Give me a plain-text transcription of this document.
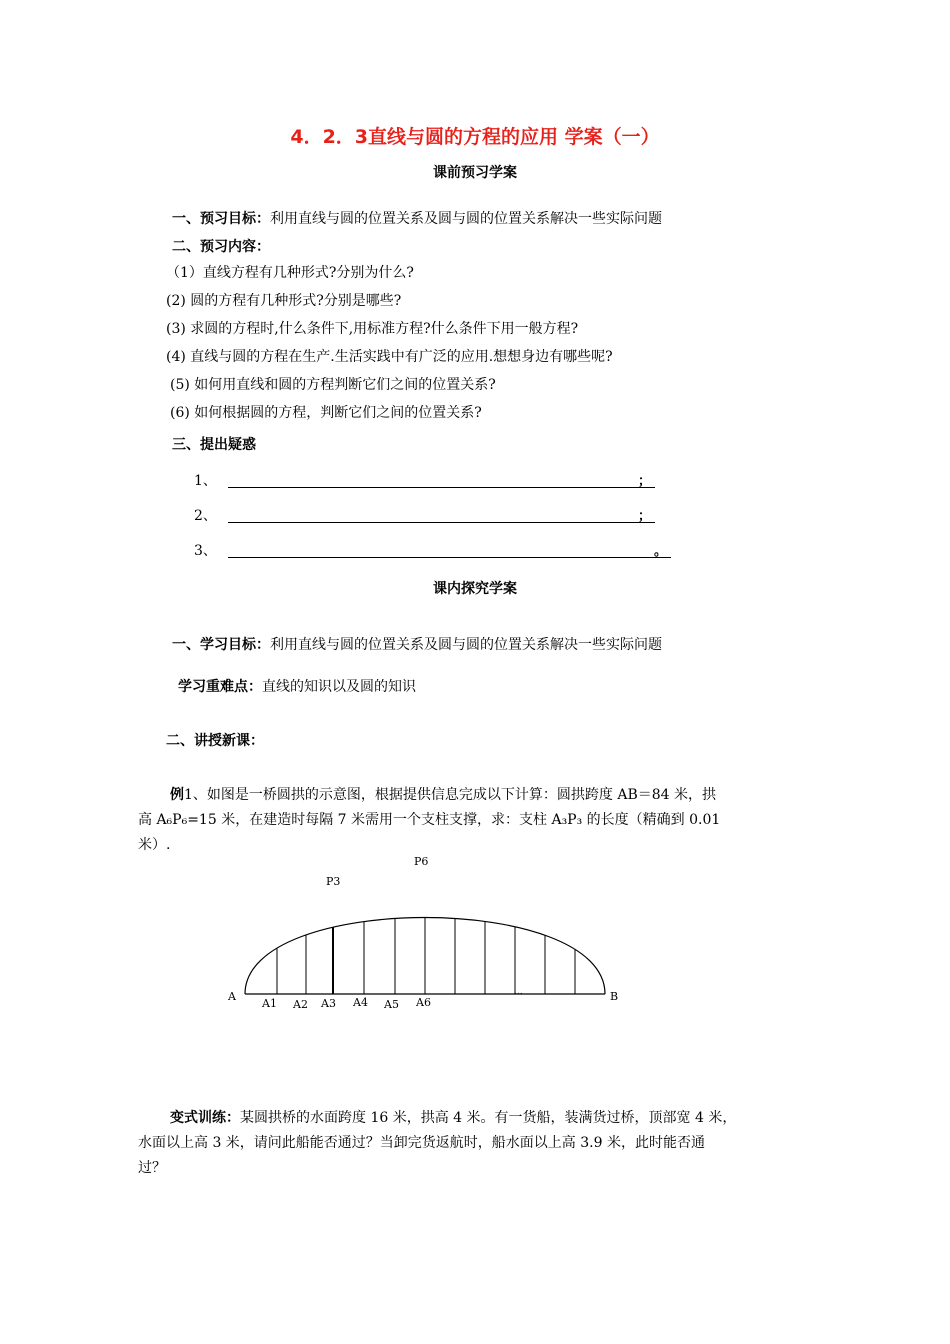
4．2．3直线与圆的方程的应用 学案（一）
课前预习学案
一、预习目标：利用直线与圆的位置关系及圆与圆的位置关系解决一些实际问题
二、预习内容：
（1）直线方程有几种形式?分别为什么?
(2) 圆的方程有几种形式?分别是哪些?
(3) 求圆的方程时,什么条件下,用标准方程?什么条件下用一般方程?
(4) 直线与圆的方程在生产.生活实践中有广泛的应用.想想身边有哪些呢?
(5) 如何用直线和圆的方程判断它们之间的位置关系?
(6) 如何根据圆的方程，判断它们之间的位置关系?
三、提出疑惑
1、	；
2、	；
3、	。
课内探究学案
一、学习目标：利用直线与圆的位置关系及圆与圆的位置关系解决一些实际问题
学习重难点：直线的知识以及圆的知识
二、讲授新课：
例1、如图是一桥圆拱的示意图，根据提供信息完成以下计算：圆拱跨度 AB＝84 米，拱
高 A₆P₆=15 米，在建造时每隔 7 米需用一个支柱支撑，求：支柱 A₃P₃ 的长度（精确到 0.01
米）.
A	B
P3
P6
A1 A2 A3 A4 A5 A6
...
变式训练：某圆拱桥的水面跨度 16 米，拱高 4 米。有一货船，装满货过桥，顶部宽 4 米，
水面以上高 3 米，请问此船能否通过？当卸完货返航时，船水面以上高 3.9 米，此时能否通
过？
